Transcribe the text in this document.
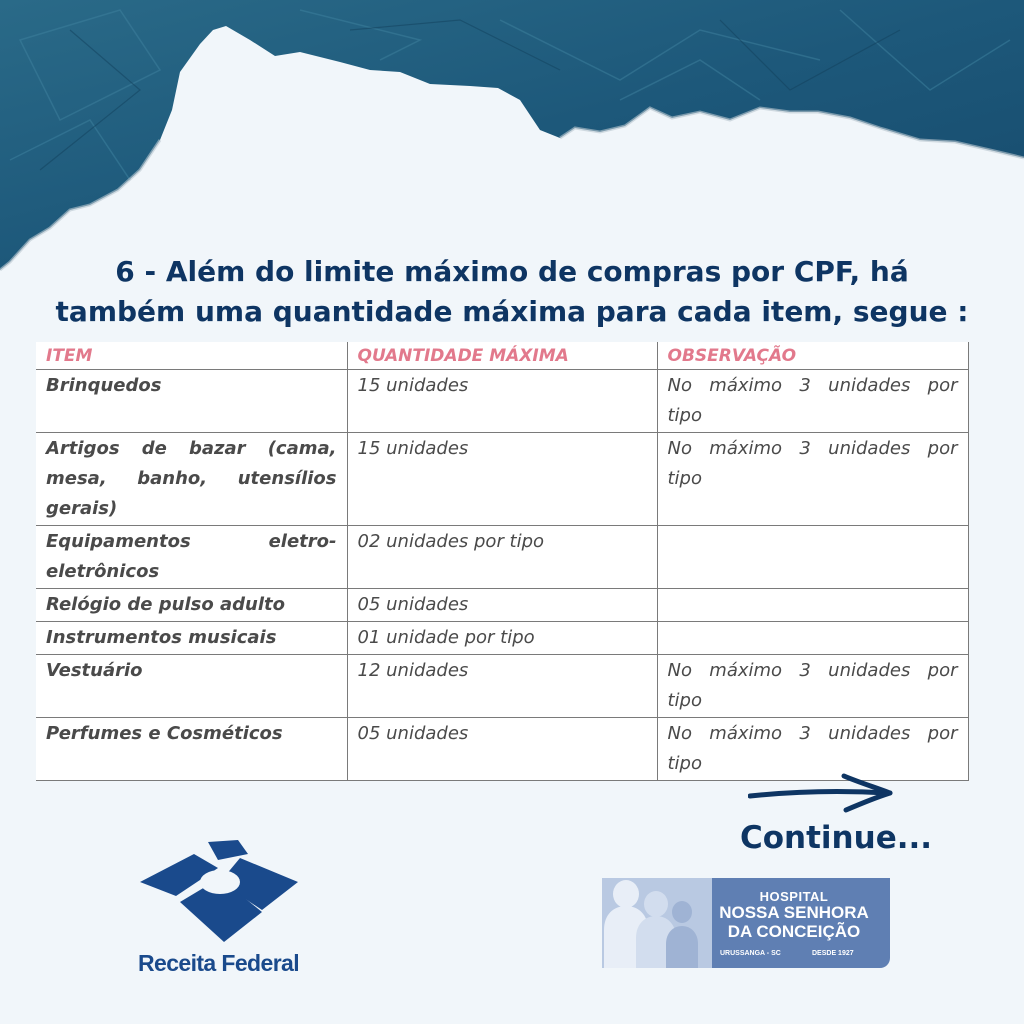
6 - Além do limite máximo de compras por CPF, há
também uma quantidade máxima para cada item, segue :
ITEM	QUANTIDADE MÁXIMA	OBSERVAÇÃO
Brinquedos	15 unidades	No máximo 3 unidades por tipo
Artigos de bazar (cama, mesa, banho, utensílios gerais)	15 unidades	No máximo 3 unidades por tipo
Equipamentos eletro-eletrônicos	02 unidades por tipo	
Relógio de pulso adulto	05 unidades	
Instrumentos musicais	01 unidade por tipo	
Vestuário	12 unidades	No máximo 3 unidades por tipo
Perfumes e Cosméticos	05 unidades	No máximo 3 unidades por tipo
Continue...
Receita Federal
HOSPITAL
NOSSA SENHORA
DA CONCEIÇÃO
URUSSANGA - SC	DESDE 1927
